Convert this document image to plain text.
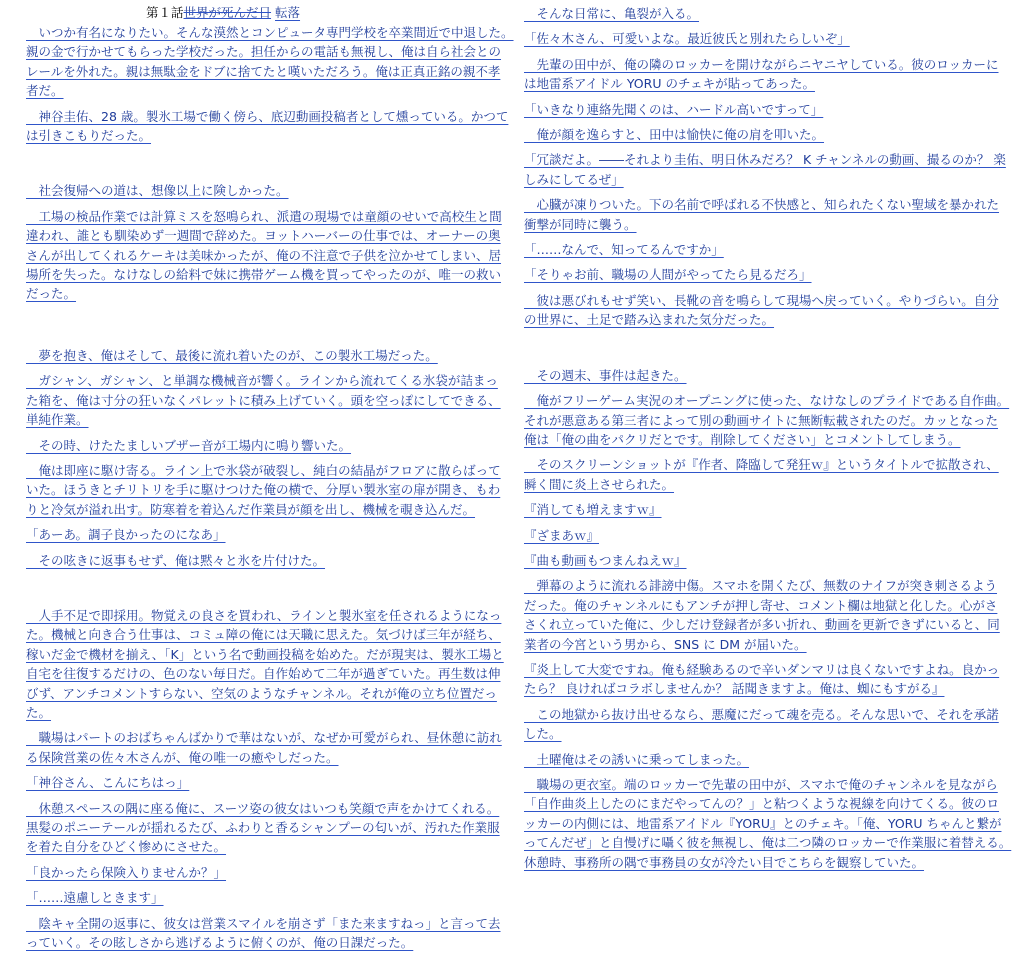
第１話世界が死んだ日 転落
　いつか有名になりたい。そんな漠然とコンピュータ専門学校を卒業間近で中退した。
親の金で行かせてもらった学校だった。担任からの電話も無視し、俺は自ら社会との
レールを外れた。親は無駄金をドブに捨てたと嘆いただろう。俺は正真正銘の親不孝
者だ。
　神谷圭佑、28 歳。製氷工場で働く傍ら、底辺動画投稿者として燻っている。かつて
は引きこもりだった。
　社会復帰への道は、想像以上に険しかった。
　工場の検品作業では計算ミスを怒鳴られ、派遣の現場では童顔のせいで高校生と間
違われ、誰とも馴染めず一週間で辞めた。ヨットハーバーの仕事では、オーナーの奥
さんが出してくれるケーキは美味かったが、俺の不注意で子供を泣かせてしまい、居
場所を失った。なけなしの給料で妹に携帯ゲーム機を買ってやったのが、唯一の救い
だった。
　夢を抱き、俺はそして、最後に流れ着いたのが、この製氷工場だった。
　ガシャン、ガシャン、と単調な機械音が響く。ラインから流れてくる氷袋が詰まっ
た箱を、俺は寸分の狂いなくパレットに積み上げていく。頭を空っぽにしてできる、
単純作業。
　その時、けたたましいブザー音が工場内に鳴り響いた。
　俺は即座に駆け寄る。ライン上で氷袋が破裂し、純白の結晶がフロアに散らばって
いた。ほうきとチリトリを手に駆けつけた俺の横で、分厚い製氷室の扉が開き、もわ
りと冷気が溢れ出す。防寒着を着込んだ作業員が顔を出し、機械を覗き込んだ。
「あーあ。調子良かったのになあ」
　その呟きに返事もせず、俺は黙々と氷を片付けた。
　人手不足で即採用。物覚えの良さを買われ、ラインと製氷室を任されるようになっ
た。機械と向き合う仕事は、コミュ障の俺には天職に思えた。気づけば三年が経ち、
稼いだ金で機材を揃え、「K」という名で動画投稿を始めた。だが現実は、製氷工場と
自宅を往復するだけの、色のない毎日だ。自作始めて二年が過ぎていた。再生数は伸
びず、アンチコメントすらない、空気のようなチャンネル。それが俺の立ち位置だっ
た。
　職場はパートのおばちゃんばかりで華はないが、なぜか可愛がられ、昼休憩に訪れ
る保険営業の佐々木さんが、俺の唯一の癒やしだった。
「神谷さん、こんにちはっ」
　休憩スペースの隅に座る俺に、スーツ姿の彼女はいつも笑顔で声をかけてくれる。
黒髪のポニーテールが揺れるたび、ふわりと香るシャンプーの匂いが、汚れた作業服
を着た自分をひどく惨めにさせた。
「良かったら保険入りませんか？」
「……遠慮しときます」
　陰キャ全開の返事に、彼女は営業スマイルを崩さず「また来ますねっ」と言って去
っていく。その眩しさから逃げるように俯くのが、俺の日課だった。
　そんな日常に、亀裂が入る。
「佐々木さん、可愛いよな。最近彼氏と別れたらしいぞ」
　先輩の田中が、俺の隣のロッカーを開けながらニヤニヤしている。彼のロッカーに
は地雷系アイドル YORU のチェキが貼ってあった。
「いきなり連絡先聞くのは、ハードル高いですって」
　俺が顔を逸らすと、田中は愉快に俺の肩を叩いた。
「冗談だよ。――それより圭佑、明日休みだろ？ K チャンネルの動画、撮るのか？ 楽
しみにしてるぜ」
　心臓が凍りついた。下の名前で呼ばれる不快感と、知られたくない聖域を暴かれた
衝撃が同時に襲う。
「……なんで、知ってるんですか」
「そりゃお前、職場の人間がやってたら見るだろ」
　彼は悪びれもせず笑い、長靴の音を鳴らして現場へ戻っていく。やりづらい。自分
の世界に、土足で踏み込まれた気分だった。
　その週末、事件は起きた。
　俺がフリーゲーム実況のオープニングに使った、なけなしのプライドである自作曲。
それが悪意ある第三者によって別の動画サイトに無断転載されたのだ。カッとなった
俺は「俺の曲をパクリだとです。削除してください」とコメントしてしまう。
　そのスクリーンショットが『作者、降臨して発狂ｗ』というタイトルで拡散され、
瞬く間に炎上させられた。
『消しても増えますｗ』
『ざまあｗ』
『曲も動画もつまんねえｗ』
　弾幕のように流れる誹謗中傷。スマホを開くたび、無数のナイフが突き刺さるよう
だった。俺のチャンネルにもアンチが押し寄せ、コメント欄は地獄と化した。心がさ
さくれ立っていた俺に、少しだけ登録者が多い折れ、動画を更新できずにいると、同
業者の今宮という男から、SNS に DM が届いた。
『炎上して大変ですね。俺も経験あるので辛いダンマリは良くないですよね。良かっ
たら？ 良ければコラボしませんか？ 話聞きますよ。俺は、蜘にもすがる』
　この地獄から抜け出せるなら、悪魔にだって魂を売る。そんな思いで、それを承諾
した。
　土曜俺はその誘いに乗ってしまった。
　職場の更衣室。端のロッカーで先輩の田中が、スマホで俺のチャンネルを見ながら
「自作曲炎上したのにまだやってんの？」と粘つくような視線を向けてくる。彼のロ
ッカーの内側には、地雷系アイドル『YORU』とのチェキ。「俺、YORU ちゃんと繋が
ってんだぜ」と自慢げに囁く彼を無視し、俺は二つ隣のロッカーで作業服に着替える。
休憩時、事務所の隅で事務員の女が冷たい目でこちらを観察していた。
